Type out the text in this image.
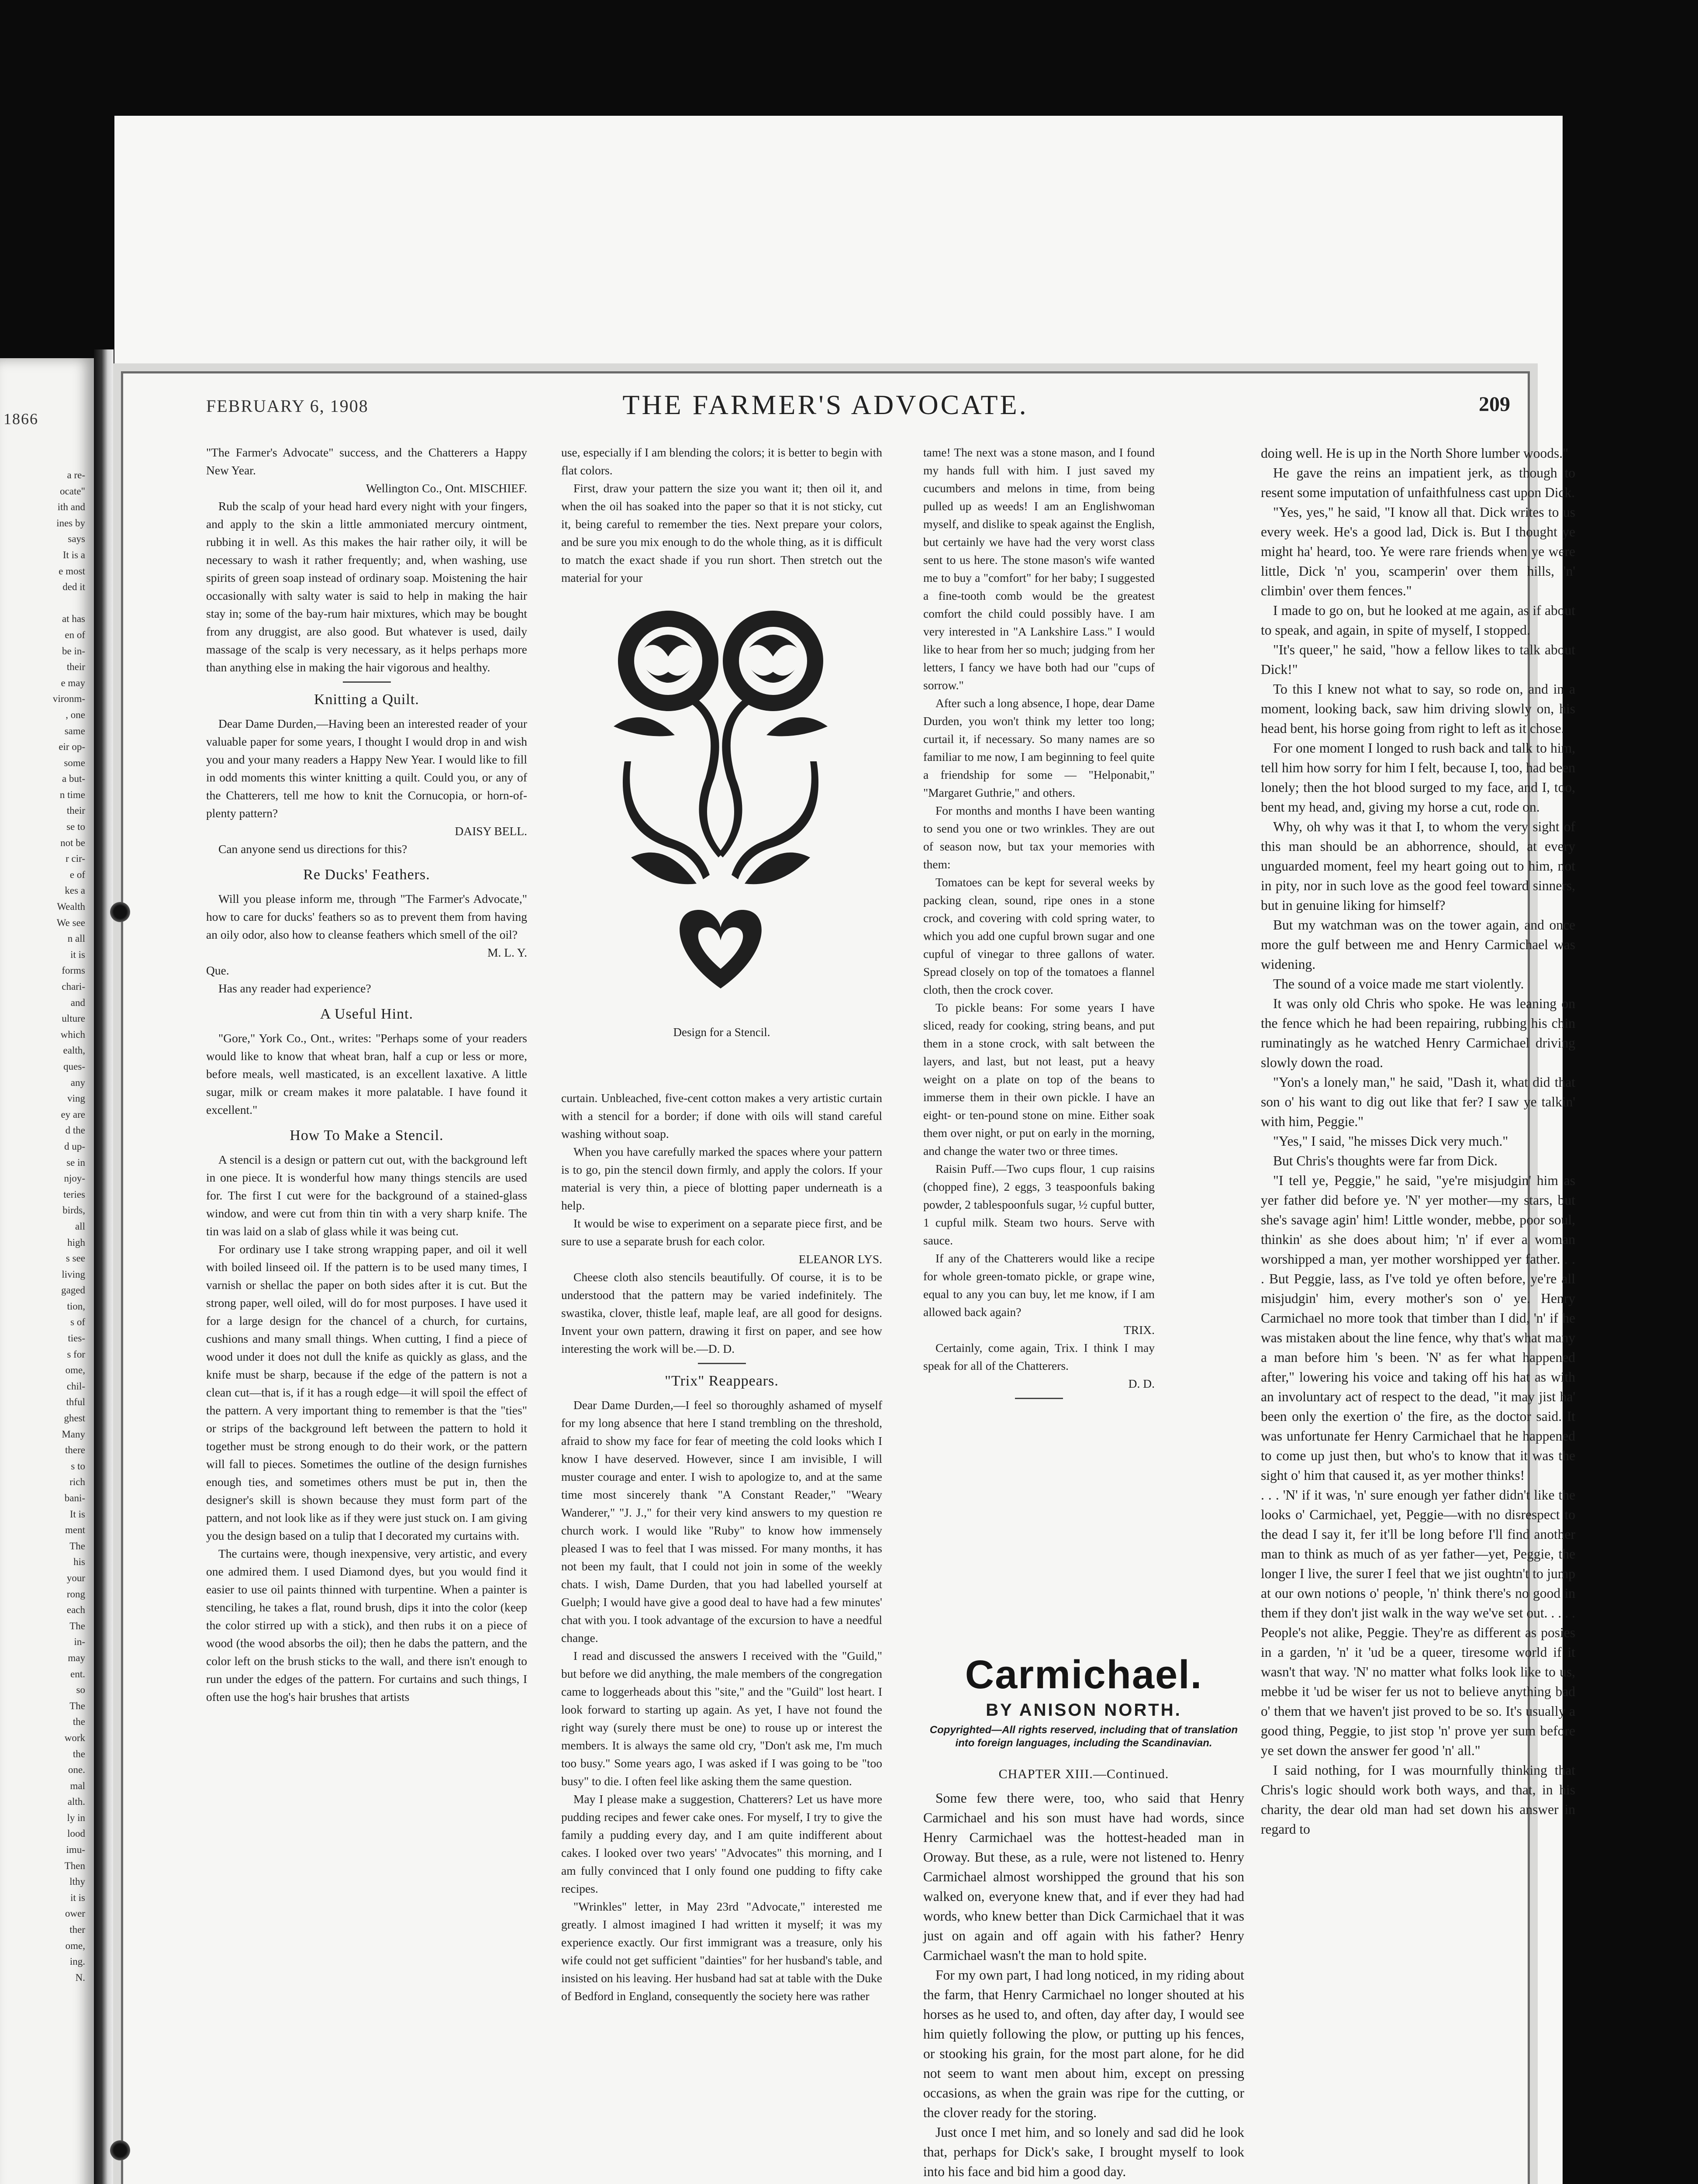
1866
a re-
ocate"
ith and
ines by
says
It is a
e most
ded it

at has
en of
be in-
their
e may
vironm-
, one
same
eir op-
some
a but-
n time
their
se to
not be
r cir-
e of
kes a
Wealth
We see
n all
it is
forms
chari-
and
ulture
which
ealth,
ques-
any
ving
ey are
d the
d up-
se in
njoy-
teries
birds,
all
high
s see
living
gaged
tion,
s of
ties-
s for
ome,
chil-
thful
ghest
Many
there
s to
rich
bani-
It is
ment
The
his
your
rong
each
The
in-
may
ent.
so
The
the
work
the
one.
mal
alth.
ly in
lood
imu-
Then
lthy
it is
ower
ther
ome,
ing.
N.
FEBRUARY 6, 1908	THE FARMER'S ADVOCATE.	209

"The Farmer's Advocate" success, and the Chatterers a Happy New Year.

Wellington Co., Ont. MISCHIEF.

Rub the scalp of your head hard every night with your fingers, and apply to the skin a little ammoniated mercury ointment, rubbing it in well. As this makes the hair rather oily, it will be necessary to wash it rather frequently; and, when washing, use spirits of green soap instead of ordinary soap. Moistening the hair occasionally with salty water is said to help in making the hair stay in; some of the bay-rum hair mixtures, which may be bought from any druggist, are also good. But whatever is used, daily massage of the scalp is very necessary, as it helps perhaps more than anything else in making the hair vigorous and healthy.

Knitting a Quilt.

Dear Dame Durden,—Having been an interested reader of your valuable paper for some years, I thought I would drop in and wish you and your many readers a Happy New Year. I would like to fill in odd moments this winter knitting a quilt. Could you, or any of the Chatterers, tell me how to knit the Cornucopia, or horn-of-plenty pattern?

DAISY BELL.

Can anyone send us directions for this?

Re Ducks' Feathers.

Will you please inform me, through "The Farmer's Advocate," how to care for ducks' feathers so as to prevent them from having an oily odor, also how to cleanse feathers which smell of the oil?

M. L. Y.

Que.

Has any reader had experience?

A Useful Hint.

"Gore," York Co., Ont., writes: "Perhaps some of your readers would like to know that wheat bran, half a cup or less or more, before meals, well masticated, is an excellent laxative. A little sugar, milk or cream makes it more palatable. I have found it excellent."

How To Make a Stencil.

A stencil is a design or pattern cut out, with the background left in one piece. It is wonderful how many things stencils are used for. The first I cut were for the background of a stained-glass window, and were cut from thin tin with a very sharp knife. The tin was laid on a slab of glass while it was being cut.

For ordinary use I take strong wrapping paper, and oil it well with boiled linseed oil. If the pattern is to be used many times, I varnish or shellac the paper on both sides after it is cut. But the strong paper, well oiled, will do for most purposes. I have used it for a large design for the chancel of a church, for curtains, cushions and many small things. When cutting, I find a piece of wood under it does not dull the knife as quickly as glass, and the knife must be sharp, because if the edge of the pattern is not a clean cut—that is, if it has a rough edge—it will spoil the effect of the pattern. A very important thing to remember is that the "ties" or strips of the background left between the pattern to hold it together must be strong enough to do their work, or the pattern will fall to pieces. Sometimes the outline of the design furnishes enough ties, and sometimes others must be put in, then the designer's skill is shown because they must form part of the pattern, and not look like as if they were just stuck on. I am giving you the design based on a tulip that I decorated my curtains with.

The curtains were, though inexpensive, very artistic, and every one admired them. I used Diamond dyes, but you would find it easier to use oil paints thinned with turpentine. When a painter is stenciling, he takes a flat, round brush, dips it into the color (keep the color stirred up with a stick), and then rubs it on a piece of wood (the wood absorbs the oil); then he dabs the pattern, and the color left on the brush sticks to the wall, and there isn't enough to run under the edges of the pattern. For curtains and such things, I often use the hog's hair brushes that artists

use, especially if I am blending the colors; it is better to begin with flat colors.

First, draw your pattern the size you want it; then oil it, and when the oil has soaked into the paper so that it is not sticky, cut it, being careful to remember the ties. Next prepare your colors, and be sure you mix enough to do the whole thing, as it is difficult to match the exact shade if you run short. Then stretch out the material for your

Design for a Stencil.

curtain. Unbleached, five-cent cotton makes a very artistic curtain with a stencil for a border; if done with oils will stand careful washing without soap.

When you have carefully marked the spaces where your pattern is to go, pin the stencil down firmly, and apply the colors. If your material is very thin, a piece of blotting paper underneath is a help.

It would be wise to experiment on a separate piece first, and be sure to use a separate brush for each color.

ELEANOR LYS.

Cheese cloth also stencils beautifully. Of course, it is to be understood that the pattern may be varied indefinitely. The swastika, clover, thistle leaf, maple leaf, are all good for designs. Invent your own pattern, drawing it first on paper, and see how interesting the work will be.—D. D.

"Trix" Reappears.

Dear Dame Durden,—I feel so thoroughly ashamed of myself for my long absence that here I stand trembling on the threshold, afraid to show my face for fear of meeting the cold looks which I know I have deserved. However, since I am invisible, I will muster courage and enter. I wish to apologize to, and at the same time most sincerely thank "A Constant Reader," "Weary Wanderer," "J. J.," for their very kind answers to my question re church work. I would like "Ruby" to know how immensely pleased I was to feel that I was missed. For many months, it has not been my fault, that I could not join in some of the weekly chats. I wish, Dame Durden, that you had labelled yourself at Guelph; I would have give a good deal to have had a few minutes' chat with you. I took advantage of the excursion to have a needful change.

I read and discussed the answers I received with the "Guild," but before we did anything, the male members of the congregation came to loggerheads about this "site," and the "Guild" lost heart. I look forward to starting up again. As yet, I have not found the right way (surely there must be one) to rouse up or interest the members. It is always the same old cry, "Don't ask me, I'm much too busy." Some years ago, I was asked if I was going to be "too busy" to die. I often feel like asking them the same question.

May I please make a suggestion, Chatterers? Let us have more pudding recipes and fewer cake ones. For myself, I try to give the family a pudding every day, and I am quite indifferent about cakes. I looked over two years' "Advocates" this morning, and I am fully convinced that I only found one pudding to fifty cake recipes.

"Wrinkles" letter, in May 23rd "Advocate," interested me greatly. I almost imagined I had written it myself; it was my experience exactly. Our first immigrant was a treasure, only his wife could not get sufficient "dainties" for her husband's table, and insisted on his leaving. Her husband had sat at table with the Duke of Bedford in England, consequently the society here was rather

tame! The next was a stone mason, and I found my hands full with him. I just saved my cucumbers and melons in time, from being pulled up as weeds! I am an Englishwoman myself, and dislike to speak against the English, but certainly we have had the very worst class sent to us here. The stone mason's wife wanted me to buy a "comfort" for her baby; I suggested a fine-tooth comb would be the greatest comfort the child could possibly have. I am very interested in "A Lankshire Lass." I would like to hear from her so much; judging from her letters, I fancy we have both had our "cups of sorrow."

After such a long absence, I hope, dear Dame Durden, you won't think my letter too long; curtail it, if necessary. So many names are so familiar to me now, I am beginning to feel quite a friendship for some — "Helponabit," "Margaret Guthrie," and others.

For months and months I have been wanting to send you one or two wrinkles. They are out of season now, but tax your memories with them:

Tomatoes can be kept for several weeks by packing clean, sound, ripe ones in a stone crock, and covering with cold spring water, to which you add one cupful brown sugar and one cupful of vinegar to three gallons of water. Spread closely on top of the tomatoes a flannel cloth, then the crock cover.

To pickle beans: For some years I have sliced, ready for cooking, string beans, and put them in a stone crock, with salt between the layers, and last, but not least, put a heavy weight on a plate on top of the beans to immerse them in their own pickle. I have an eight- or ten-pound stone on mine. Either soak them over night, or put on early in the morning, and change the water two or three times.

Raisin Puff.—Two cups flour, 1 cup raisins (chopped fine), 2 eggs, 3 teaspoonfuls baking powder, 2 tablespoonfuls sugar, ½ cupful butter, 1 cupful milk. Steam two hours. Serve with sauce.

If any of the Chatterers would like a recipe for whole green-tomato pickle, or grape wine, equal to any you can buy, let me know, if I am allowed back again?

TRIX.

Certainly, come again, Trix. I think I may speak for all of the Chatterers.

D. D.

Carmichael.
BY ANISON NORTH.
Copyrighted—All rights reserved, including that of translation into foreign languages, including the Scandinavian.
CHAPTER XIII.—Continued.

Some few there were, too, who said that Henry Carmichael and his son must have had words, since Henry Carmichael was the hottest-headed man in Oroway. But these, as a rule, were not listened to. Henry Carmichael almost worshipped the ground that his son walked on, everyone knew that, and if ever they had had words, who knew better than Dick Carmichael that it was just on again and off again with his father? Henry Carmichael wasn't the man to hold spite.

For my own part, I had long noticed, in my riding about the farm, that Henry Carmichael no longer shouted at his horses as he used to, and often, day after day, I would see him quietly following the plow, or putting up his fences, or stooking his grain, for the most part alone, for he did not seem to want men about him, except on pressing occasions, as when the grain was ripe for the cutting, or the clover ready for the storing.

Just once I met him, and so lonely and sad did he look that, perhaps for Dick's sake, I brought myself to look into his face and bid him a good day.

doing well. He is up in the North Shore lumber woods."

He gave the reins an impatient jerk, as though to resent some imputation of unfaithfulness cast upon Dick.

"Yes, yes," he said, "I know all that. Dick writes to us every week. He's a good lad, Dick is. But I thought ye might ha' heard, too. Ye were rare friends when ye were little, Dick 'n' you, scamperin' over them hills, 'n' climbin' over them fences."

I made to go on, but he looked at me again, as if about to speak, and again, in spite of myself, I stopped.

"It's queer," he said, "how a fellow likes to talk about Dick!"

To this I knew not what to say, so rode on, and in a moment, looking back, saw him driving slowly on, his head bent, his horse going from right to left as it chose.

For one moment I longed to rush back and talk to him, tell him how sorry for him I felt, because I, too, had been lonely; then the hot blood surged to my face, and I, too, bent my head, and, giving my horse a cut, rode on.

Why, oh why was it that I, to whom the very sight of this man should be an abhorrence, should, at every unguarded moment, feel my heart going out to him, not in pity, nor in such love as the good feel toward sinners, but in genuine liking for himself?

But my watchman was on the tower again, and once more the gulf between me and Henry Carmichael was widening.

The sound of a voice made me start violently.

It was only old Chris who spoke. He was leaning on the fence which he had been repairing, rubbing his chin ruminatingly as he watched Henry Carmichael driving slowly down the road.

"Yon's a lonely man," he said, "Dash it, what did that son o' his want to dig out like that fer? I saw ye talkin' with him, Peggie."

"Yes," I said, "he misses Dick very much."

But Chris's thoughts were far from Dick.

"I tell ye, Peggie," he said, "ye're misjudgin' him as yer father did before ye. 'N' yer mother—my stars, but she's savage agin' him! Little wonder, mebbe, poor soul, thinkin' as she does about him; 'n' if ever a woman worshipped a man, yer mother worshipped yer father. . . . But Peggie, lass, as I've told ye often before, ye're all misjudgin' him, every mother's son o' ye. Henry Carmichael no more took that timber than I did, 'n' if he was mistaken about the line fence, why that's what many a man before him 's been. 'N' as fer what happened after," lowering his voice and taking off his hat as with an involuntary act of respect to the dead, "it may jist ha' been only the exertion o' the fire, as the doctor said. It was unfortunate fer Henry Carmichael that he happened to come up just then, but who's to know that it was the sight o' him that caused it, as yer mother thinks!

. . . 'N' if it was, 'n' sure enough yer father didn't like the looks o' Carmichael, yet, Peggie—with no disrespect to the dead I say it, fer it'll be long before I'll find another man to think as much of as yer father—yet, Peggie, the longer I live, the surer I feel that we jist oughtn't to jump at our own notions o' people, 'n' think there's no good in them if they don't jist walk in the way we've set out. . . . . People's not alike, Peggie. They're as different as posies in a garden, 'n' it 'ud be a queer, tiresome world if it wasn't that way. 'N' no matter what folks look like to us, mebbe it 'ud be wiser fer us not to believe anything bad o' them that we haven't jist proved to be so. It's usually a good thing, Peggie, to jist stop 'n' prove yer sum before ye set down the answer fer good 'n' all."

I said nothing, for I was mournfully thinking that Chris's logic should work both ways, and that, in his charity, the dear old man had set down his answer in regard to
